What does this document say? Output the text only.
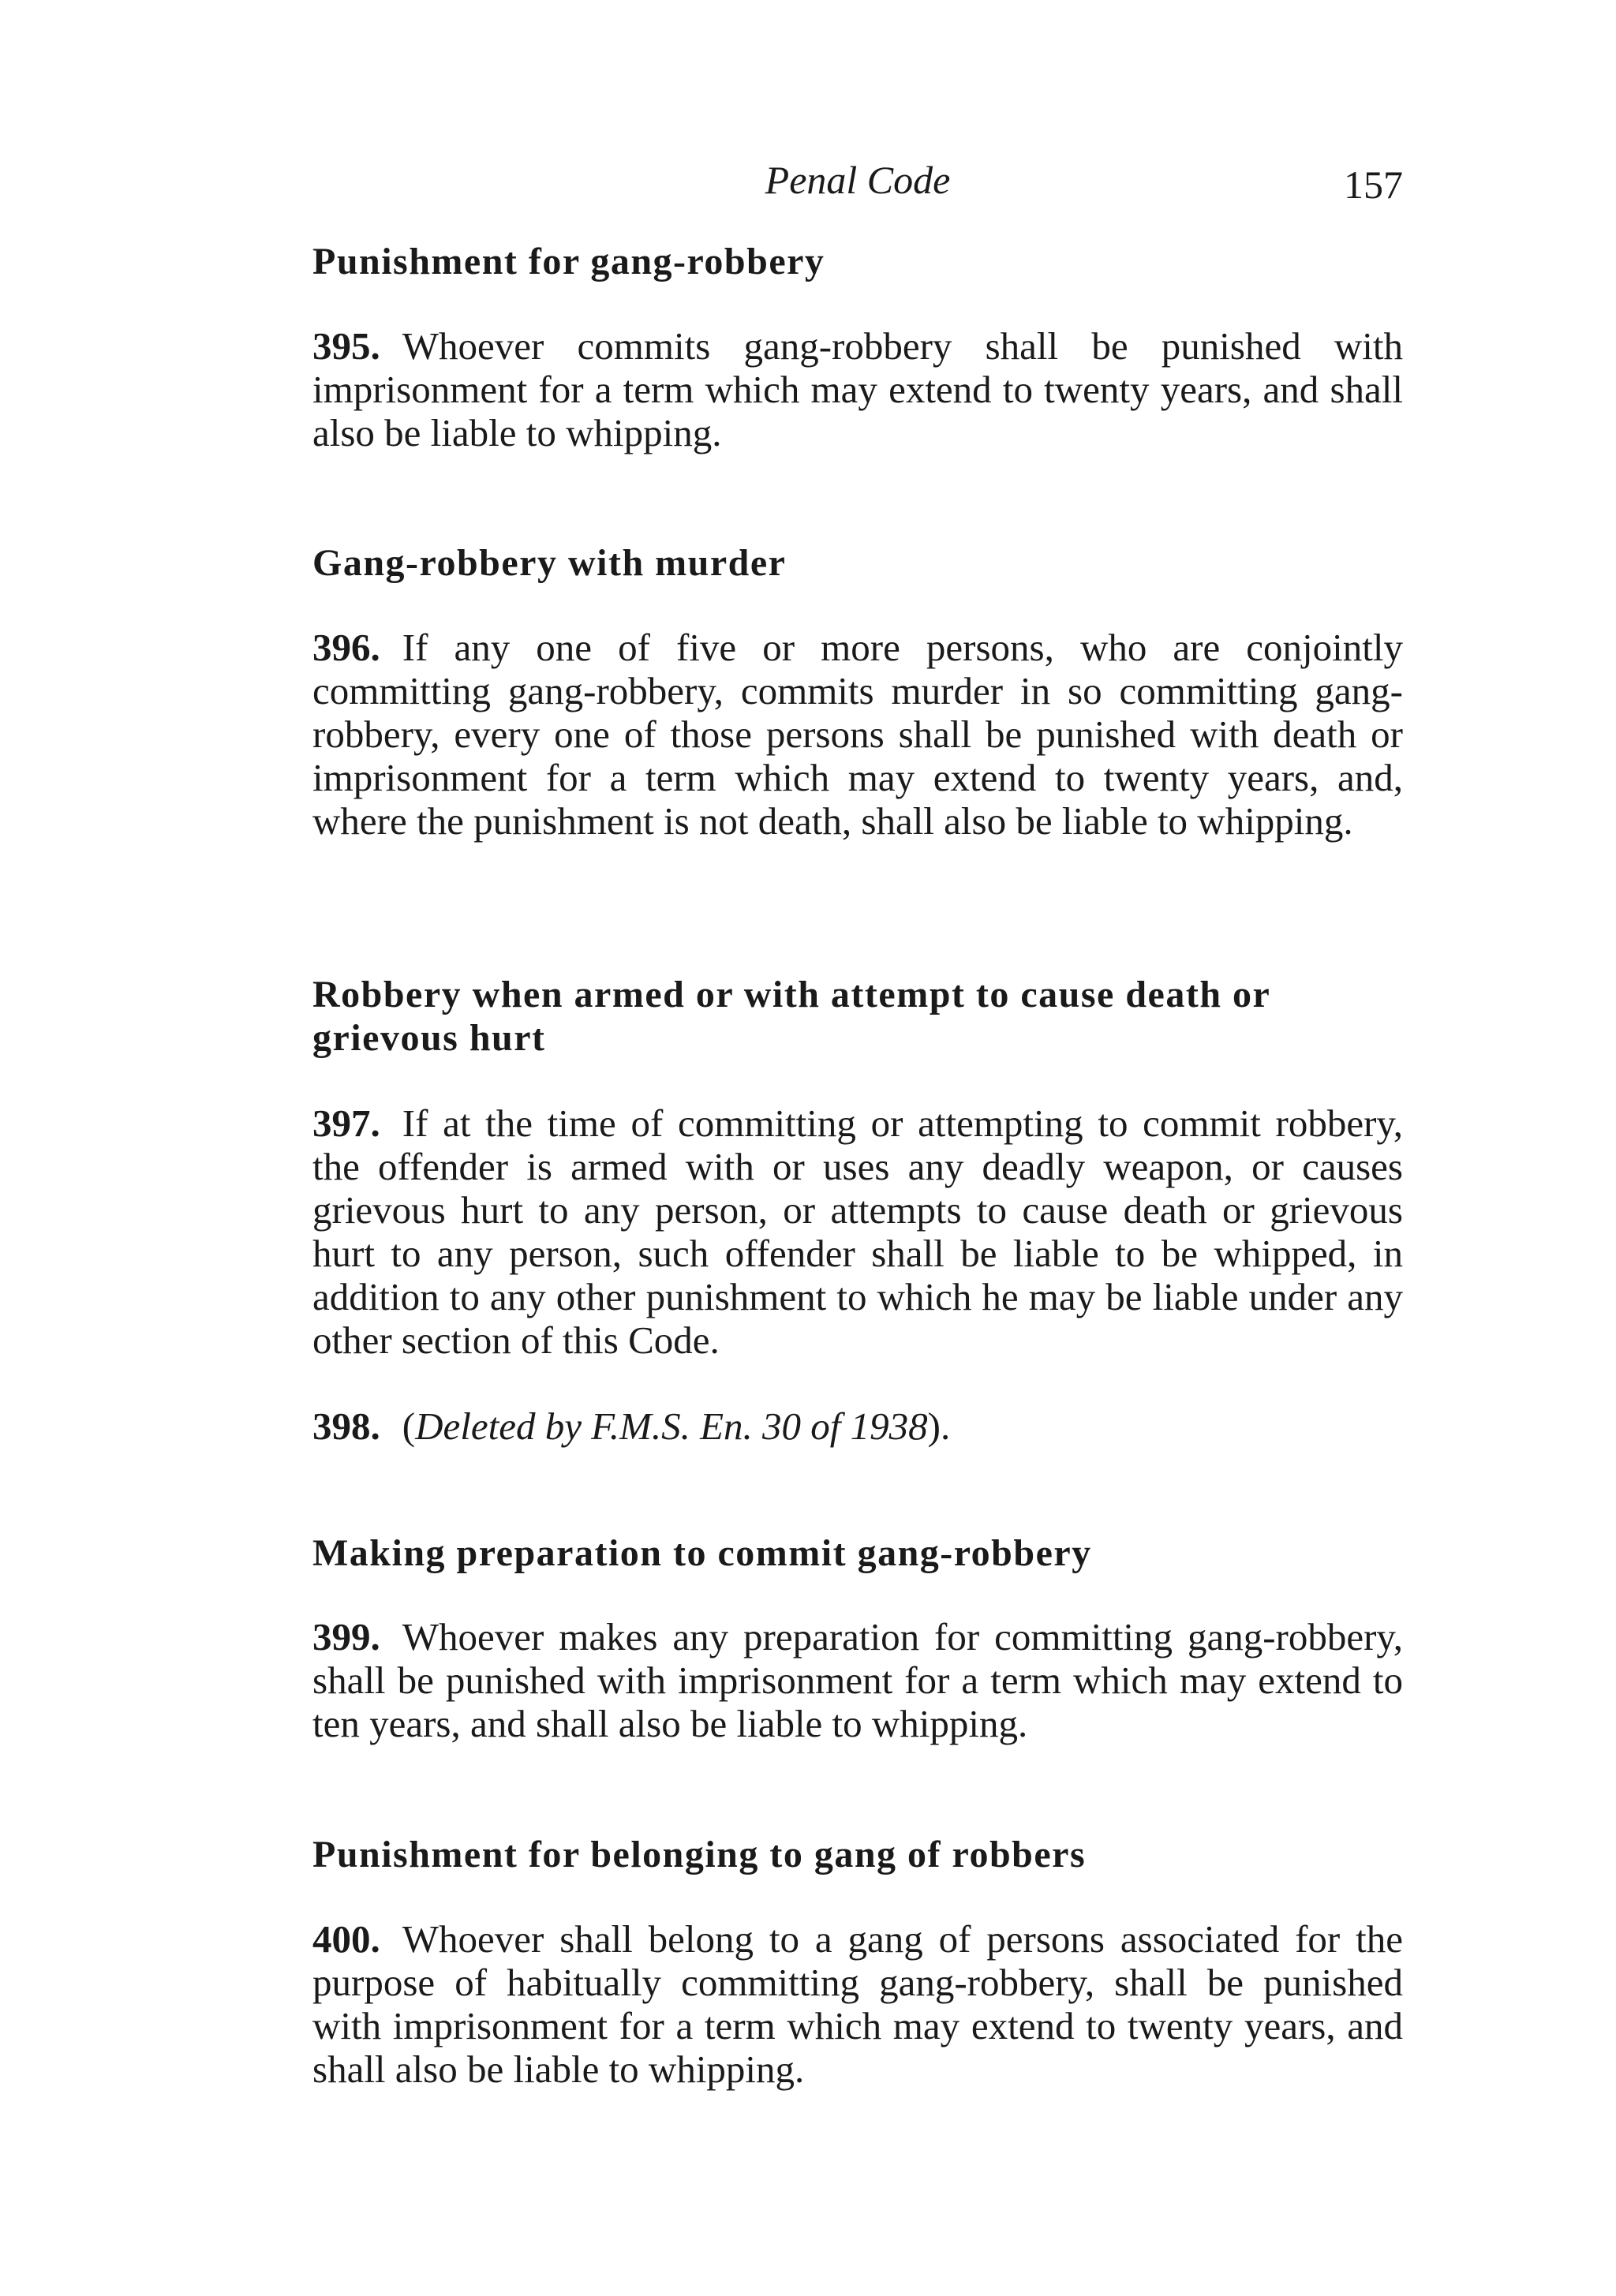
Penal Code	157

Punishment for gang-robbery

395. Whoever commits gang-robbery shall be punished with imprisonment for a term which may extend to twenty years, and shall also be liable to whipping.

Gang-robbery with murder

396. If any one of five or more persons, who are conjointly committing gang-robbery, commits murder in so committing gang-robbery, every one of those persons shall be punished with death or imprisonment for a term which may extend to twenty years, and, where the punishment is not death, shall also be liable to whipping.

Robbery when armed or with attempt to cause death or grievous hurt

397. If at the time of committing or attempting to commit robbery, the offender is armed with or uses any deadly weapon, or causes grievous hurt to any person, or attempts to cause death or grievous hurt to any person, such offender shall be liable to be whipped, in addition to any other punishment to which he may be liable under any other section of this Code.

398. (Deleted by F.M.S. En. 30 of 1938).

Making preparation to commit gang-robbery

399. Whoever makes any preparation for committing gang-robbery, shall be punished with imprisonment for a term which may extend to ten years, and shall also be liable to whipping.

Punishment for belonging to gang of robbers

400. Whoever shall belong to a gang of persons associated for the purpose of habitually committing gang-robbery, shall be punished with imprisonment for a term which may extend to twenty years, and shall also be liable to whipping.
